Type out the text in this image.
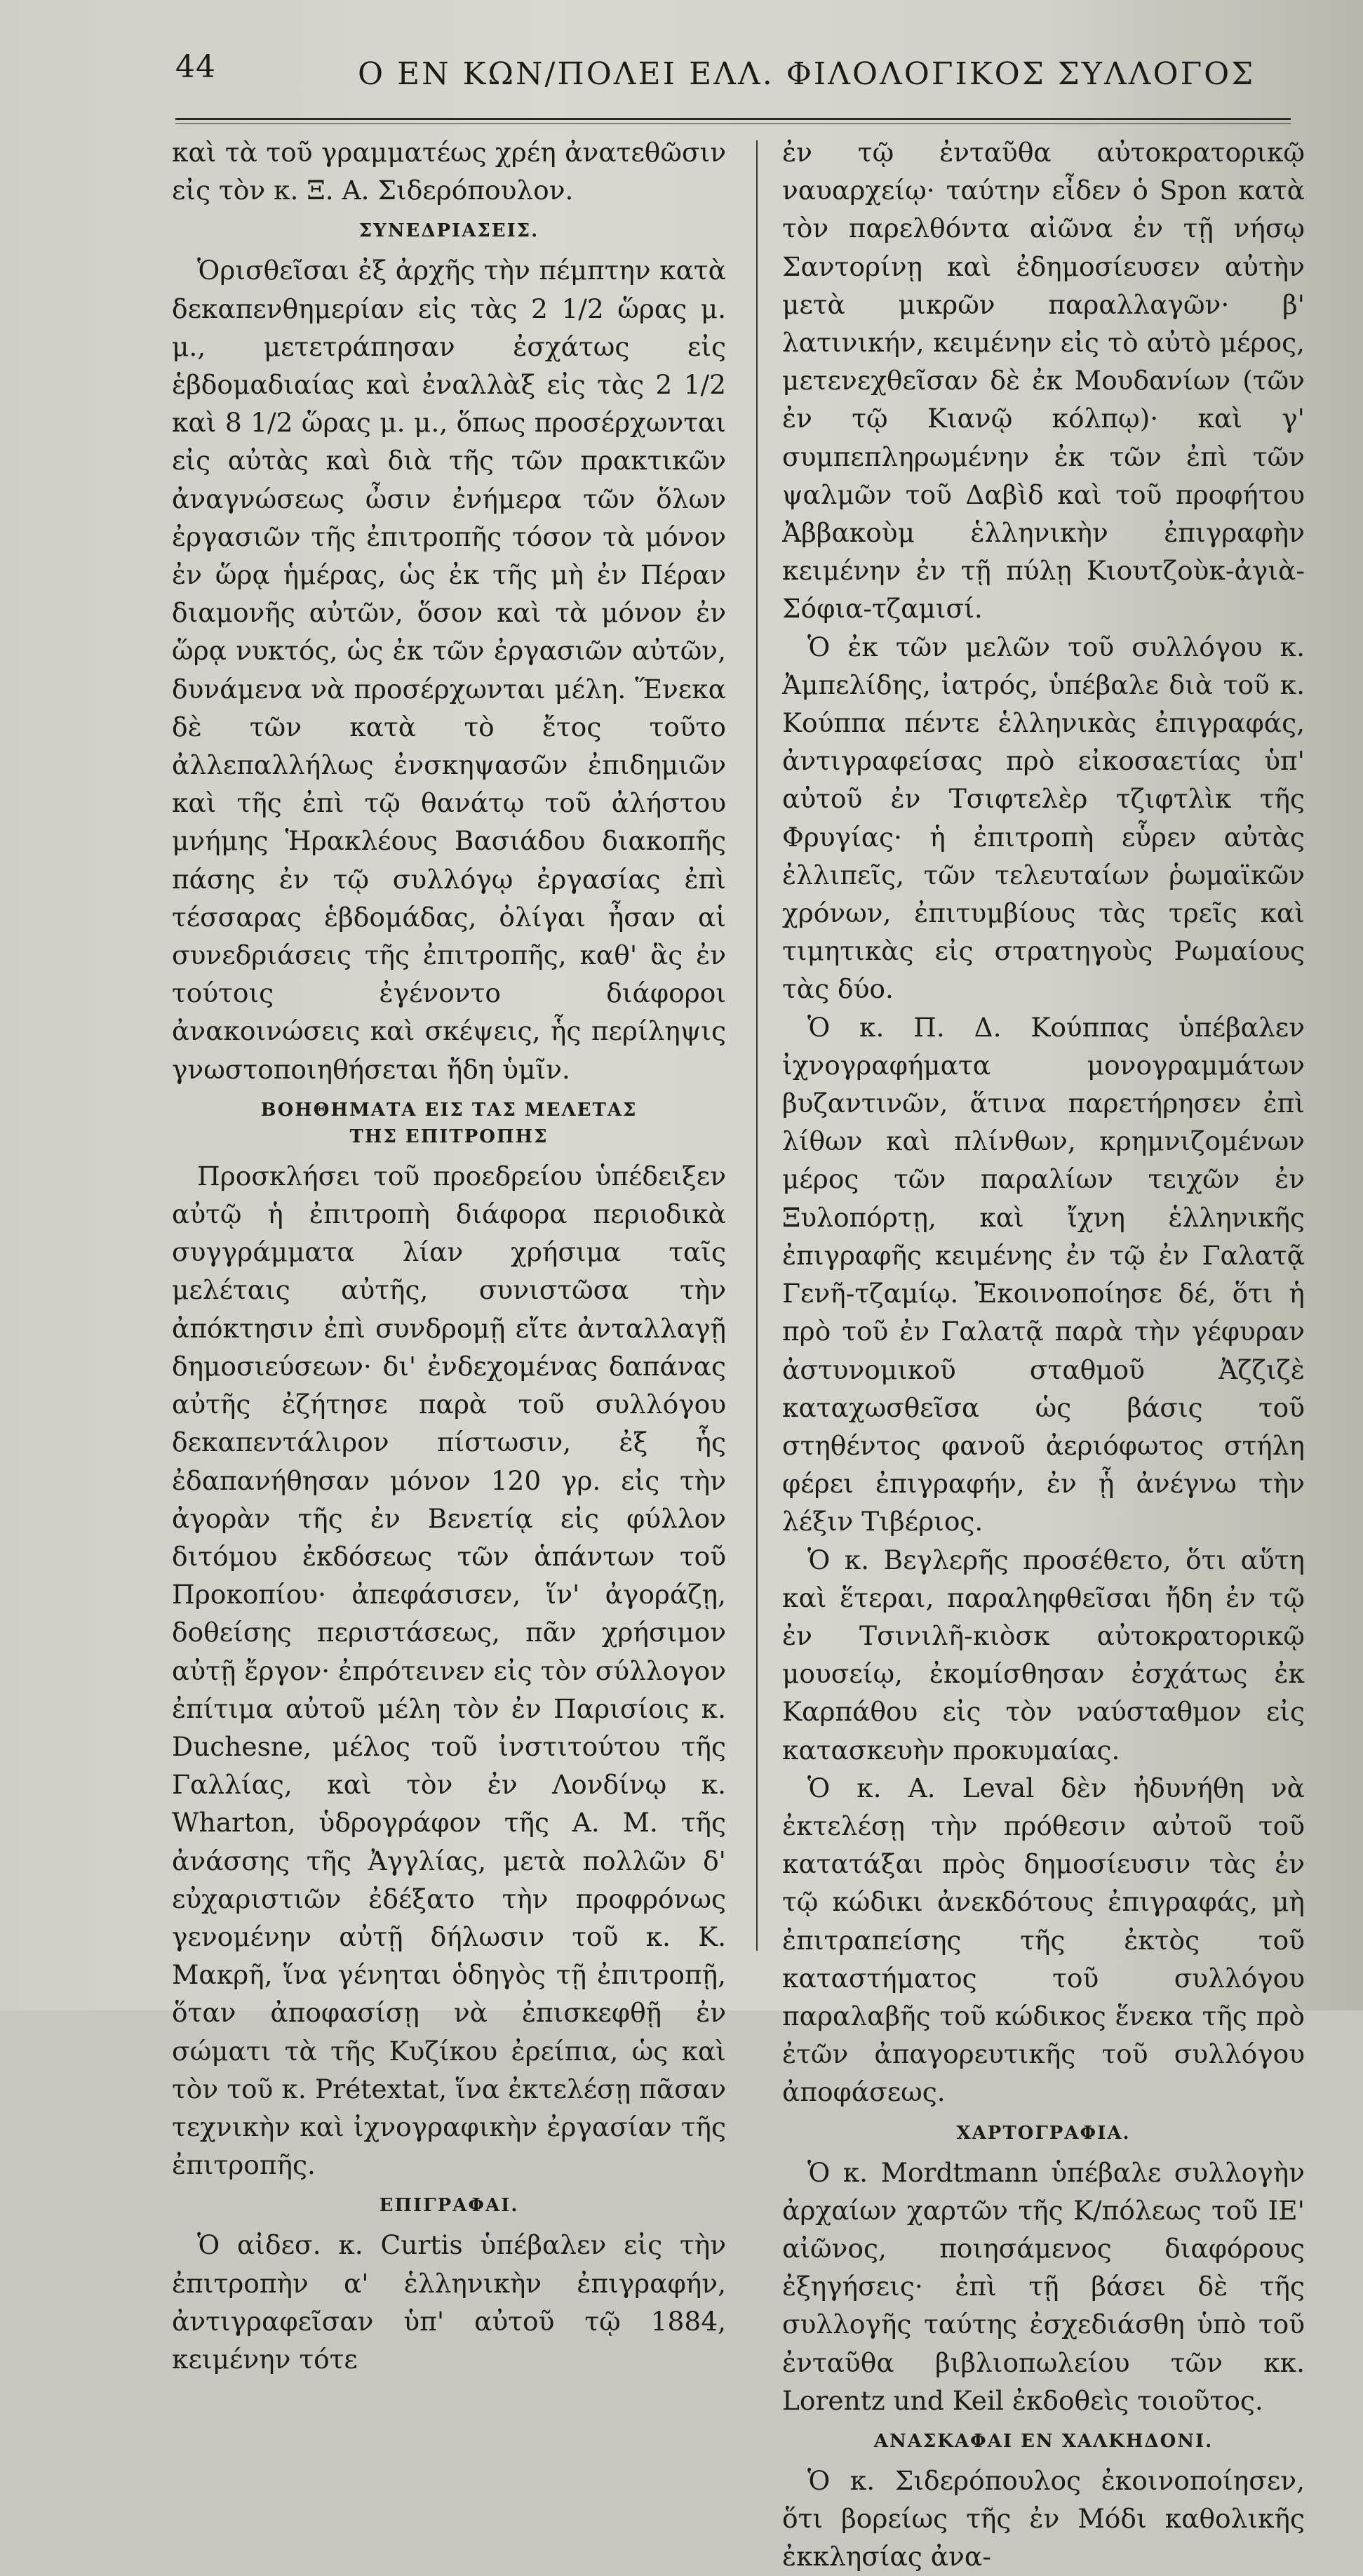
44	Ο ΕΝ ΚΩΝ/ΠΟΛΕΙ ΕΛΛ. ΦΙΛΟΛΟΓΙΚΟΣ ΣΥΛΛΟΓΟΣ

καὶ τὰ τοῦ γραμματέως χρέη ἀνατεθῶσιν εἰς τὸν κ. Ξ. Α. Σιδερόπουλον.

ΣΥΝΕΔΡΙΑΣΕΙΣ.

Ὁρισθεῖσαι ἐξ ἀρχῆς τὴν πέμπτην κατὰ δεκαπενθημερίαν εἰς τὰς 2 1/2 ὥρας μ. μ., μετετράπησαν ἐσχάτως εἰς ἑβδομαδιαίας καὶ ἐναλλὰξ εἰς τὰς 2 1/2 καὶ 8 1/2 ὥρας μ. μ., ὅπως προσέρχωνται εἰς αὐτὰς καὶ διὰ τῆς τῶν πρακτικῶν ἀναγνώσεως ὦσιν ἐνήμερα τῶν ὅλων ἐργασιῶν τῆς ἐπιτροπῆς τόσον τὰ μόνον ἐν ὥρᾳ ἡμέρας, ὡς ἐκ τῆς μὴ ἐν Πέραν διαμονῆς αὐτῶν, ὅσον καὶ τὰ μόνον ἐν ὥρᾳ νυκτός, ὡς ἐκ τῶν ἐργασιῶν αὐτῶν, δυνάμενα νὰ προσέρχωνται μέλη. Ἕνεκα δὲ τῶν κατὰ τὸ ἔτος τοῦτο ἀλλεπαλλήλως ἐνσκηψασῶν ἐπιδημιῶν καὶ τῆς ἐπὶ τῷ θανάτῳ τοῦ ἀλήστου μνήμης Ἡρακλέους Βασιάδου διακοπῆς πάσης ἐν τῷ συλλόγῳ ἐργασίας ἐπὶ τέσσαρας ἑβδομάδας, ὀλίγαι ἦσαν αἱ συνεδριάσεις τῆς ἐπιτροπῆς, καθ' ἃς ἐν τούτοις ἐγένοντο διάφοροι ἀνακοινώσεις καὶ σκέψεις, ἧς περίληψις γνωστοποιηθήσεται ἤδη ὑμῖν.

ΒΟΗΘΗΜΑΤΑ ΕΙΣ ΤΑΣ ΜΕΛΕΤΑΣ
ΤΗΣ ΕΠΙΤΡΟΠΗΣ

Προσκλήσει τοῦ προεδρείου ὑπέδειξεν αὐτῷ ἡ ἐπιτροπὴ διάφορα περιοδικὰ συγγράμματα λίαν χρήσιμα ταῖς μελέταις αὐτῆς, συνιστῶσα τὴν ἀπόκτησιν ἐπὶ συνδρομῇ εἴτε ἀνταλλαγῇ δημοσιεύσεων· δι' ἐνδεχομένας δαπάνας αὐτῆς ἐζήτησε παρὰ τοῦ συλλόγου δεκαπεντάλιρον πίστωσιν, ἐξ ἧς ἐδαπανήθησαν μόνον 120 γρ. εἰς τὴν ἀγορὰν τῆς ἐν Βενετίᾳ εἰς φύλλον διτόμου ἐκδόσεως τῶν ἁπάντων τοῦ Προκοπίου· ἀπεφάσισεν, ἵν' ἀγοράζῃ, δοθείσης περιστάσεως, πᾶν χρήσιμον αὐτῇ ἔργον· ἐπρότεινεν εἰς τὸν σύλλογον ἐπίτιμα αὐτοῦ μέλη τὸν ἐν Παρισίοις κ. Duchesne, μέλος τοῦ ἰνστιτούτου τῆς Γαλλίας, καὶ τὸν ἐν Λονδίνῳ κ. Wharton, ὑδρογράφον τῆς Α. Μ. τῆς ἀνάσσης τῆς Ἀγγλίας, μετὰ πολλῶν δ' εὐχαριστιῶν ἐδέξατο τὴν προφρόνως γενομένην αὐτῇ δήλωσιν τοῦ κ. Κ. Μακρῆ, ἵνα γένηται ὁδηγὸς τῇ ἐπιτροπῇ, ὅταν ἀποφασίσῃ νὰ ἐπισκεφθῇ ἐν σώματι τὰ τῆς Κυζίκου ἐρείπια, ὡς καὶ τὸν τοῦ κ. Prétextat, ἵνα ἐκτελέσῃ πᾶσαν τεχνικὴν καὶ ἰχνογραφικὴν ἐργασίαν τῆς ἐπιτροπῆς.

ΕΠΙΓΡΑΦΑΙ.

Ὁ αἰδεσ. κ. Curtis ὑπέβαλεν εἰς τὴν ἐπιτροπὴν α' ἑλληνικὴν ἐπιγραφήν, ἀντιγραφεῖσαν ὑπ' αὐτοῦ τῷ 1884, κειμένην τότε

ἐν τῷ ἐνταῦθα αὐτοκρατορικῷ ναυαρχείῳ· ταύτην εἶδεν ὁ Spon κατὰ τὸν παρελθόντα αἰῶνα ἐν τῇ νήσῳ Σαντορίνῃ καὶ ἐδημοσίευσεν αὐτὴν μετὰ μικρῶν παραλλαγῶν· β' λατινικήν, κειμένην εἰς τὸ αὐτὸ μέρος, μετενεχθεῖσαν δὲ ἐκ Μουδανίων (τῶν ἐν τῷ Κιανῷ κόλπῳ)· καὶ γ' συμπεπληρωμένην ἐκ τῶν ἐπὶ τῶν ψαλμῶν τοῦ Δαβὶδ καὶ τοῦ προφήτου Ἀββακοὺμ ἑλληνικὴν ἐπιγραφὴν κειμένην ἐν τῇ πύλῃ Κιουτζοὺκ-ἀγιὰ-Σόφια-τζαμισί.

Ὁ ἐκ τῶν μελῶν τοῦ συλλόγου κ. Ἀμπελίδης, ἰατρός, ὑπέβαλε διὰ τοῦ κ. Κούππα πέντε ἑλληνικὰς ἐπιγραφάς, ἀντιγραφείσας πρὸ εἰκοσαετίας ὑπ' αὐτοῦ ἐν Τσιφτελὲρ τζιφτλὶκ τῆς Φρυγίας· ἡ ἐπιτροπὴ εὗρεν αὐτὰς ἐλλιπεῖς, τῶν τελευταίων ῥωμαϊκῶν χρόνων, ἐπιτυμβίους τὰς τρεῖς καὶ τιμητικὰς εἰς στρατηγοὺς Ρωμαίους τὰς δύο.

Ὁ κ. Π. Δ. Κούππας ὑπέβαλεν ἰχνογραφήματα μονογραμμάτων βυζαντινῶν, ἅτινα παρετήρησεν ἐπὶ λίθων καὶ πλίνθων, κρημνιζομένων μέρος τῶν παραλίων τειχῶν ἐν Ξυλοπόρτῃ, καὶ ἴχνη ἑλληνικῆς ἐπιγραφῆς κειμένης ἐν τῷ ἐν Γαλατᾷ Γενῆ-τζαμίῳ. Ἐκοινοποίησε δέ, ὅτι ἡ πρὸ τοῦ ἐν Γαλατᾷ παρὰ τὴν γέφυραν ἀστυνομικοῦ σταθμοῦ Ἀζζιζὲ καταχωσθεῖσα ὡς βάσις τοῦ στηθέντος φανοῦ ἀεριόφωτος στήλη φέρει ἐπιγραφήν, ἐν ᾗ ἀνέγνω τὴν λέξιν Τιβέριος.

Ὁ κ. Βεγλερῆς προσέθετο, ὅτι αὕτη καὶ ἕτεραι, παραληφθεῖσαι ἤδη ἐν τῷ ἐν Τσινιλῆ-κιὸσκ αὐτοκρατορικῷ μουσείῳ, ἐκομίσθησαν ἐσχάτως ἐκ Καρπάθου εἰς τὸν ναύσταθμον εἰς κατασκευὴν προκυμαίας.

Ὁ κ. Α. Leval δὲν ἠδυνήθη νὰ ἐκτελέσῃ τὴν πρόθεσιν αὐτοῦ τοῦ κατατάξαι πρὸς δημοσίευσιν τὰς ἐν τῷ κώδικι ἀνεκδότους ἐπιγραφάς, μὴ ἐπιτραπείσης τῆς ἐκτὸς τοῦ καταστήματος τοῦ συλλόγου παραλαβῆς τοῦ κώδικος ἕνεκα τῆς πρὸ ἐτῶν ἀπαγορευτικῆς τοῦ συλλόγου ἀποφάσεως.

ΧΑΡΤΟΓΡΑΦΙΑ.

Ὁ κ. Mordtmann ὑπέβαλε συλλογὴν ἀρχαίων χαρτῶν τῆς Κ/πόλεως τοῦ ΙΕ' αἰῶνος, ποιησάμενος διαφόρους ἐξηγήσεις· ἐπὶ τῇ βάσει δὲ τῆς συλλογῆς ταύτης ἐσχεδιάσθη ὑπὸ τοῦ ἐνταῦθα βιβλιοπωλείου τῶν κκ. Lorentz und Keil ἐκδοθεὶς τοιοῦτος.

ΑΝΑΣΚΑΦΑΙ ΕΝ ΧΑΛΚΗΔΟΝΙ.

Ὁ κ. Σιδερόπουλος ἐκοινοποίησεν, ὅτι βορείως τῆς ἐν Μόδι καθολικῆς ἐκκλησίας ἀνα-
